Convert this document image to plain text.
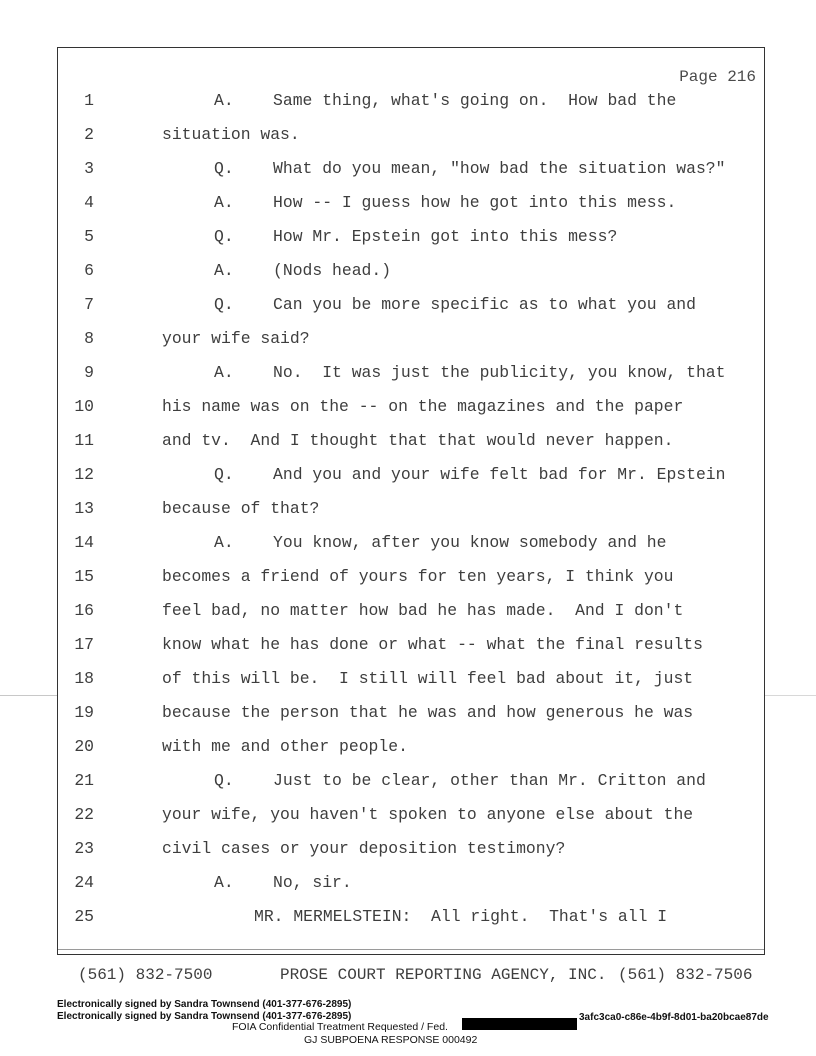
Page 216
1	A.    Same thing, what's going on.  How bad the
2	situation was.
3	Q.    What do you mean, "how bad the situation was?"
4	A.    How -- I guess how he got into this mess.
5	Q.    How Mr. Epstein got into this mess?
6	A.    (Nods head.)
7	Q.    Can you be more specific as to what you and
8	your wife said?
9	A.    No.  It was just the publicity, you know, that
10	his name was on the -- on the magazines and the paper
11	and tv.  And I thought that that would never happen.
12	Q.    And you and your wife felt bad for Mr. Epstein
13	because of that?
14	A.    You know, after you know somebody and he
15	becomes a friend of yours for ten years, I think you
16	feel bad, no matter how bad he has made.  And I don't
17	know what he has done or what -- what the final results
18	of this will be.  I still will feel bad about it, just
19	because the person that he was and how generous he was
20	with me and other people.
21	Q.    Just to be clear, other than Mr. Critton and
22	your wife, you haven't spoken to anyone else about the
23	civil cases or your deposition testimony?
24	A.    No, sir.
25	MR. MERMELSTEIN:  All right.  That's all I

(561) 832-7500

	PROSE COURT REPORTING AGENCY, INC.

(561) 832-7506

Electronically signed by Sandra Townsend (401-377-676-2895)
Electronically signed by Sandra Townsend (401-377-676-2895)	3afc3ca0-c86e-4b9f-8d01-ba20bcae87de
FOIA Confidential Treatment Requested / Fed.
GJ SUBPOENA RESPONSE 000492
